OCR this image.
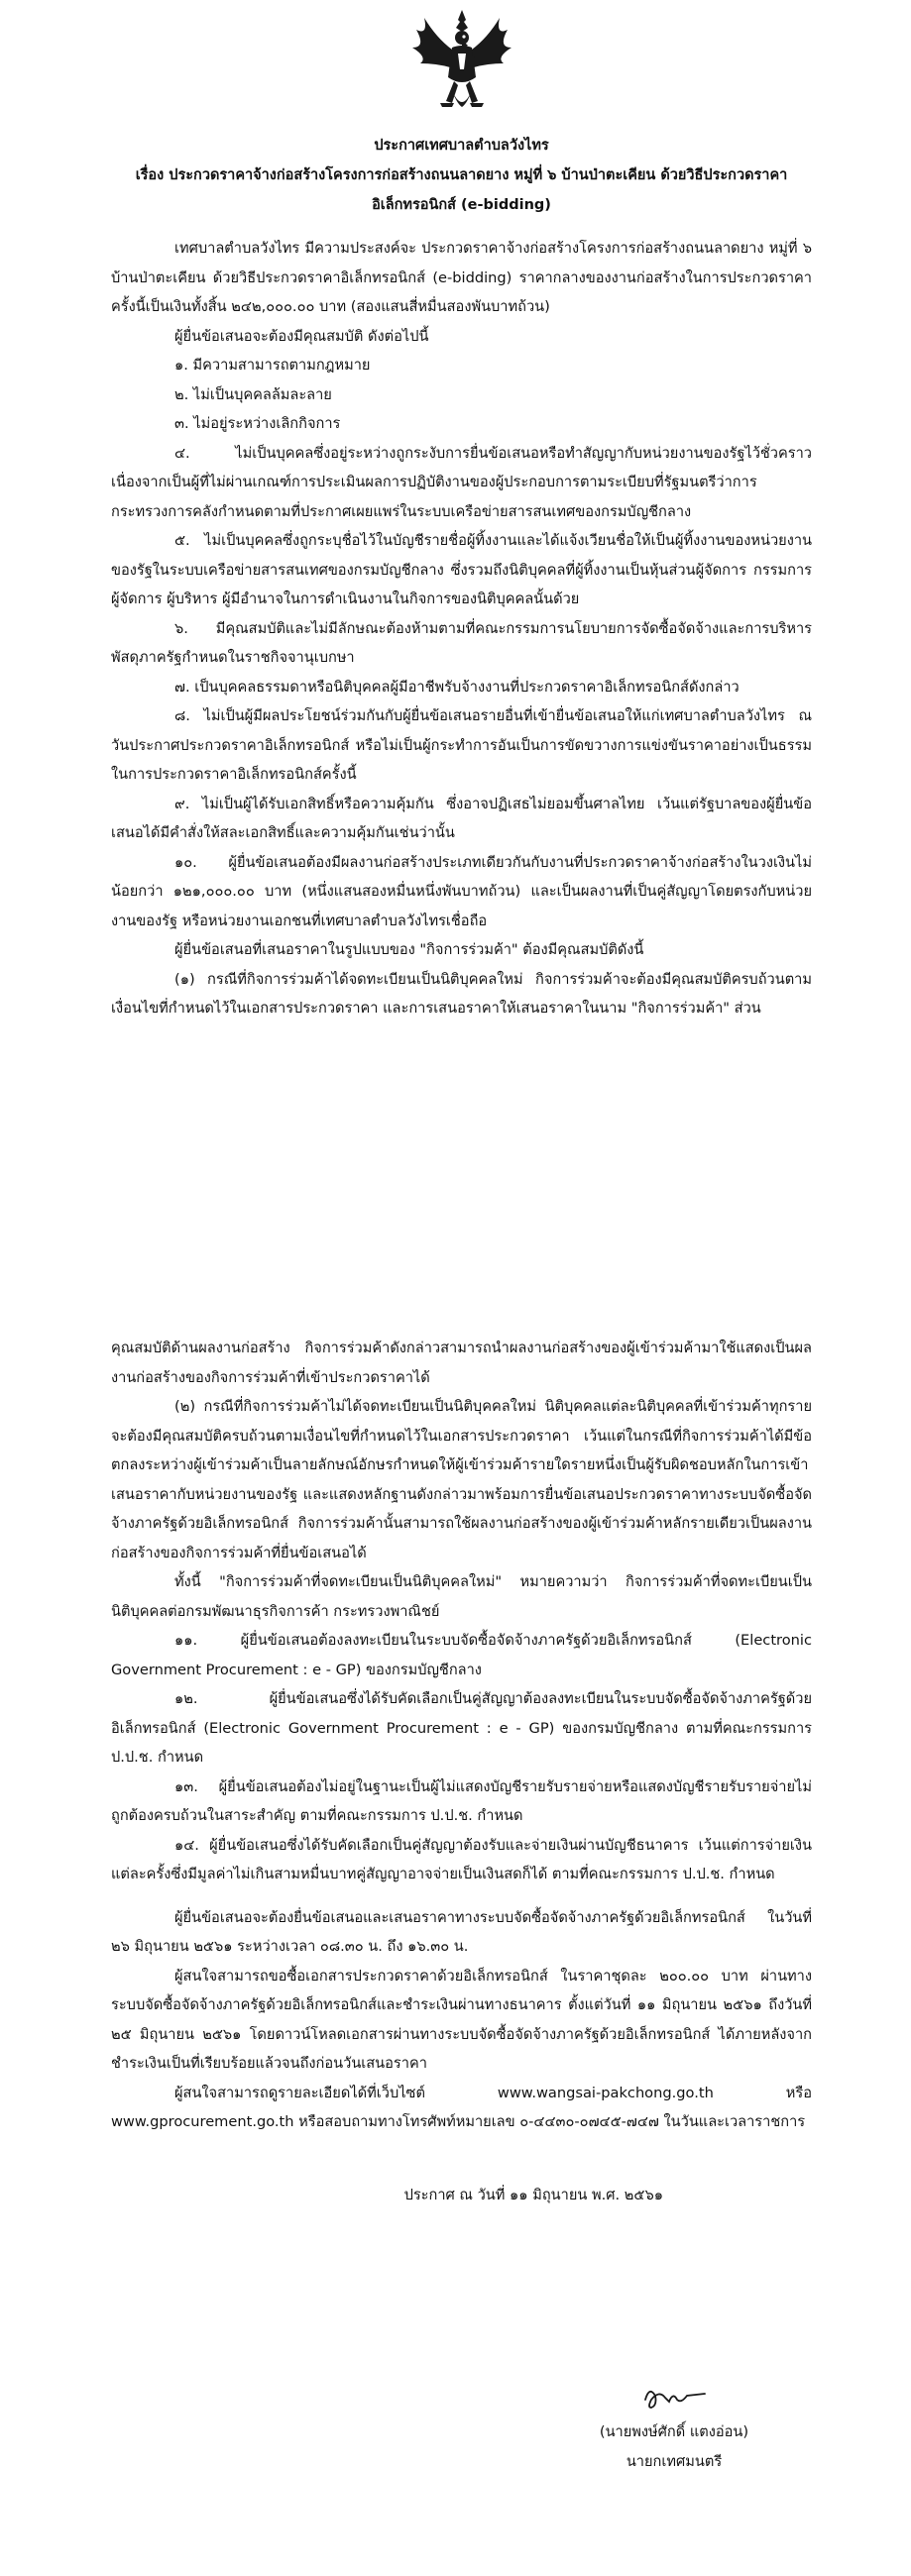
ประกาศเทศบาลตำบลวังไทร

เรื่อง ประกวดราคาจ้างก่อสร้างโครงการก่อสร้างถนนลาดยาง หมู่ที่ ๖ บ้านป่าตะเคียน ด้วยวิธีประกวดราคา

อิเล็กทรอนิกส์ (e-bidding)

เทศบาลตำบลวังไทร มีความประสงค์จะ ประกวดราคาจ้างก่อสร้างโครงการก่อสร้างถนนลาดยาง หมู่ที่ ๖ บ้านป่าตะเคียน ด้วยวิธีประกวดราคาอิเล็กทรอนิกส์ (e-bidding) ราคากลางของงานก่อสร้างในการประกวดราคาครั้งนี้เป็นเงินทั้งสิ้น ๒๔๒,๐๐๐.๐๐ บาท (สองแสนสี่หมื่นสองพันบาทถ้วน)

ผู้ยื่นข้อเสนอจะต้องมีคุณสมบัติ ดังต่อไปนี้

๑. มีความสามารถตามกฎหมาย

๒. ไม่เป็นบุคคลล้มละลาย

๓. ไม่อยู่ระหว่างเลิกกิจการ

๔. ไม่เป็นบุคคลซึ่งอยู่ระหว่างถูกระงับการยื่นข้อเสนอหรือทำสัญญากับหน่วยงานของรัฐไว้ชั่วคราว เนื่องจากเป็นผู้ที่ไม่ผ่านเกณฑ์การประเมินผลการปฏิบัติงานของผู้ประกอบการตามระเบียบที่รัฐมนตรีว่าการกระทรวงการคลังกำหนดตามที่ประกาศเผยแพร่ในระบบเครือข่ายสารสนเทศของกรมบัญชีกลาง

๕. ไม่เป็นบุคคลซึ่งถูกระบุชื่อไว้ในบัญชีรายชื่อผู้ทิ้งงานและได้แจ้งเวียนชื่อให้เป็นผู้ทิ้งงานของหน่วยงานของรัฐในระบบเครือข่ายสารสนเทศของกรมบัญชีกลาง ซึ่งรวมถึงนิติบุคคลที่ผู้ทิ้งงานเป็นหุ้นส่วนผู้จัดการ กรรมการผู้จัดการ ผู้บริหาร ผู้มีอำนาจในการดำเนินงานในกิจการของนิติบุคคลนั้นด้วย

๖. มีคุณสมบัติและไม่มีลักษณะต้องห้ามตามที่คณะกรรมการนโยบายการจัดซื้อจัดจ้างและการบริหารพัสดุภาครัฐกำหนดในราชกิจจานุเบกษา

๗. เป็นบุคคลธรรมดาหรือนิติบุคคลผู้มีอาชีพรับจ้างงานที่ประกวดราคาอิเล็กทรอนิกส์ดังกล่าว

๘. ไม่เป็นผู้มีผลประโยชน์ร่วมกันกับผู้ยื่นข้อเสนอรายอื่นที่เข้ายื่นข้อเสนอให้แก่เทศบาลตำบลวังไทร ณ วันประกาศประกวดราคาอิเล็กทรอนิกส์ หรือไม่เป็นผู้กระทำการอันเป็นการขัดขวางการแข่งขันราคาอย่างเป็นธรรม ในการประกวดราคาอิเล็กทรอนิกส์ครั้งนี้

๙. ไม่เป็นผู้ได้รับเอกสิทธิ์หรือความคุ้มกัน ซึ่งอาจปฏิเสธไม่ยอมขึ้นศาลไทย เว้นแต่รัฐบาลของผู้ยื่นข้อเสนอได้มีคำสั่งให้สละเอกสิทธิ์และความคุ้มกันเช่นว่านั้น

๑๐. ผู้ยื่นข้อเสนอต้องมีผลงานก่อสร้างประเภทเดียวกันกับงานที่ประกวดราคาจ้างก่อสร้างในวงเงินไม่น้อยกว่า ๑๒๑,๐๐๐.๐๐ บาท (หนึ่งแสนสองหมื่นหนึ่งพันบาทถ้วน) และเป็นผลงานที่เป็นคู่สัญญาโดยตรงกับหน่วยงานของรัฐ หรือหน่วยงานเอกชนที่เทศบาลตำบลวังไทรเชื่อถือ

ผู้ยื่นข้อเสนอที่เสนอราคาในรูปแบบของ "กิจการร่วมค้า" ต้องมีคุณสมบัติดังนี้

(๑) กรณีที่กิจการร่วมค้าได้จดทะเบียนเป็นนิติบุคคลใหม่ กิจการร่วมค้าจะต้องมีคุณสมบัติครบถ้วนตามเงื่อนไขที่กำหนดไว้ในเอกสารประกวดราคา และการเสนอราคาให้เสนอราคาในนาม "กิจการร่วมค้า" ส่วน

คุณสมบัติด้านผลงานก่อสร้าง กิจการร่วมค้าดังกล่าวสามารถนำผลงานก่อสร้างของผู้เข้าร่วมค้ามาใช้แสดงเป็นผลงานก่อสร้างของกิจการร่วมค้าที่เข้าประกวดราคาได้

(๒) กรณีที่กิจการร่วมค้าไม่ได้จดทะเบียนเป็นนิติบุคคลใหม่ นิติบุคคลแต่ละนิติบุคคลที่เข้าร่วมค้าทุกรายจะต้องมีคุณสมบัติครบถ้วนตามเงื่อนไขที่กำหนดไว้ในเอกสารประกวดราคา เว้นแต่ในกรณีที่กิจการร่วมค้าได้มีข้อตกลงระหว่างผู้เข้าร่วมค้าเป็นลายลักษณ์อักษรกำหนดให้ผู้เข้าร่วมค้ารายใดรายหนึ่งเป็นผู้รับผิดชอบหลักในการเข้าเสนอราคากับหน่วยงานของรัฐ และแสดงหลักฐานดังกล่าวมาพร้อมการยื่นข้อเสนอประกวดราคาทางระบบจัดซื้อจัดจ้างภาครัฐด้วยอิเล็กทรอนิกส์ กิจการร่วมค้านั้นสามารถใช้ผลงานก่อสร้างของผู้เข้าร่วมค้าหลักรายเดียวเป็นผลงานก่อสร้างของกิจการร่วมค้าที่ยื่นข้อเสนอได้

ทั้งนี้ "กิจการร่วมค้าที่จดทะเบียนเป็นนิติบุคคลใหม่" หมายความว่า กิจการร่วมค้าที่จดทะเบียนเป็นนิติบุคคลต่อกรมพัฒนาธุรกิจการค้า กระทรวงพาณิชย์

๑๑. ผู้ยื่นข้อเสนอต้องลงทะเบียนในระบบจัดซื้อจัดจ้างภาครัฐด้วยอิเล็กทรอนิกส์ (Electronic Government Procurement : e - GP) ของกรมบัญชีกลาง

๑๒. ผู้ยื่นข้อเสนอซึ่งได้รับคัดเลือกเป็นคู่สัญญาต้องลงทะเบียนในระบบจัดซื้อจัดจ้างภาครัฐด้วยอิเล็กทรอนิกส์ (Electronic Government Procurement : e - GP) ของกรมบัญชีกลาง ตามที่คณะกรรมการ ป.ป.ช. กำหนด

๑๓. ผู้ยื่นข้อเสนอต้องไม่อยู่ในฐานะเป็นผู้ไม่แสดงบัญชีรายรับรายจ่ายหรือแสดงบัญชีรายรับรายจ่ายไม่ถูกต้องครบถ้วนในสาระสำคัญ ตามที่คณะกรรมการ ป.ป.ช. กำหนด

๑๔. ผู้ยื่นข้อเสนอซึ่งได้รับคัดเลือกเป็นคู่สัญญาต้องรับและจ่ายเงินผ่านบัญชีธนาคาร เว้นแต่การจ่ายเงินแต่ละครั้งซึ่งมีมูลค่าไม่เกินสามหมื่นบาทคู่สัญญาอาจจ่ายเป็นเงินสดก็ได้ ตามที่คณะกรรมการ ป.ป.ช. กำหนด

ผู้ยื่นข้อเสนอจะต้องยื่นข้อเสนอและเสนอราคาทางระบบจัดซื้อจัดจ้างภาครัฐด้วยอิเล็กทรอนิกส์ ในวันที่ ๒๖ มิถุนายน ๒๕๖๑ ระหว่างเวลา ๐๘.๓๐ น. ถึง ๑๖.๓๐ น.

ผู้สนใจสามารถขอซื้อเอกสารประกวดราคาด้วยอิเล็กทรอนิกส์ ในราคาชุดละ ๒๐๐.๐๐ บาท ผ่านทางระบบจัดซื้อจัดจ้างภาครัฐด้วยอิเล็กทรอนิกส์และชำระเงินผ่านทางธนาคาร ตั้งแต่วันที่ ๑๑ มิถุนายน ๒๕๖๑ ถึงวันที่ ๒๕ มิถุนายน ๒๕๖๑ โดยดาวน์โหลดเอกสารผ่านทางระบบจัดซื้อจัดจ้างภาครัฐด้วยอิเล็กทรอนิกส์ ได้ภายหลังจากชำระเงินเป็นที่เรียบร้อยแล้วจนถึงก่อนวันเสนอราคา

ผู้สนใจสามารถดูรายละเอียดได้ที่เว็บไซต์ www.wangsai-pakchong.go.th หรือ www.gprocurement.go.th หรือสอบถามทางโทรศัพท์หมายเลข ๐-๔๔๓๐-๐๗๔๕-๗๔๗ ในวันและเวลาราชการ

ประกาศ ณ วันที่ ๑๑ มิถุนายน พ.ศ. ๒๕๖๑
(นายพงษ์ศักดิ์ แตงอ่อน)
นายกเทศมนตรี
